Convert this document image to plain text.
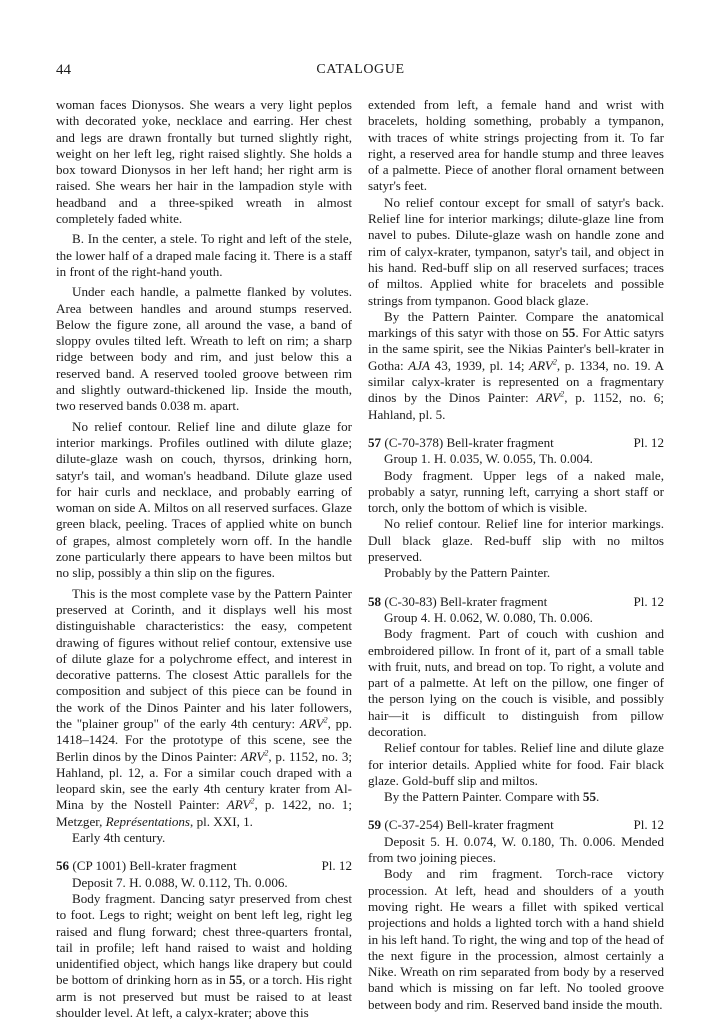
44	CATALOGUE

woman faces Dionysos. She wears a very light peplos with decorated yoke, necklace and earring. Her chest and legs are drawn frontally but turned slightly right, weight on her left leg, right raised slightly. She holds a box toward Dionysos in her left hand; her right arm is raised. She wears her hair in the lampadion style with headband and a three-spiked wreath in almost completely faded white.

B. In the center, a stele. To right and left of the stele, the lower half of a draped male facing it. There is a staff in front of the right-hand youth.

Under each handle, a palmette flanked by volutes. Area between handles and around stumps reserved. Below the figure zone, all around the vase, a band of sloppy ovules tilted left. Wreath to left on rim; a sharp ridge between body and rim, and just below this a reserved band. A reserved tooled groove between rim and slightly outward-thickened lip. Inside the mouth, two reserved bands 0.038 m. apart.

No relief contour. Relief line and dilute glaze for interior markings. Profiles outlined with dilute glaze; dilute-glaze wash on couch, thyrsos, drinking horn, satyr's tail, and woman's headband. Dilute glaze used for hair curls and necklace, and probably earring of woman on side A. Miltos on all reserved surfaces. Glaze green black, peeling. Traces of applied white on bunch of grapes, almost completely worn off. In the handle zone particularly there appears to have been miltos but no slip, possibly a thin slip on the figures.

This is the most complete vase by the Pattern Painter preserved at Corinth, and it displays well his most distinguishable characteristics: the easy, competent drawing of figures without relief contour, extensive use of dilute glaze for a polychrome effect, and interest in decorative patterns. The closest Attic parallels for the composition and subject of this piece can be found in the work of the Dinos Painter and his later followers, the "plainer group" of the early 4th century: ARV$^2$, pp. 1418–1424. For the prototype of this scene, see the Berlin dinos by the Dinos Painter: ARV$^2$, p. 1152, no. 3; Hahland, pl. 12, a. For a similar couch draped with a leopard skin, see the early 4th century krater from Al-Mina by the Nostell Painter: ARV$^2$, p. 1422, no. 1; Metzger, Représentations, pl. XXI, 1.

Early 4th century.

56 (CP 1001) Bell-krater fragment	Pl. 12

Deposit 7. H. 0.088, W. 0.112, Th. 0.006.

Body fragment. Dancing satyr preserved from chest to foot. Legs to right; weight on bent left leg, right leg raised and flung forward; chest three-quarters frontal, tail in profile; left hand raised to waist and holding unidentified object, which hangs like drapery but could be bottom of drinking horn as in 55, or a torch. His right arm is not preserved but must be raised to at least shoulder level. At left, a calyx-krater; above this

extended from left, a female hand and wrist with bracelets, holding something, probably a tympanon, with traces of white strings projecting from it. To far right, a reserved area for handle stump and three leaves of a palmette. Piece of another floral ornament between satyr's feet.

No relief contour except for small of satyr's back. Relief line for interior markings; dilute-glaze line from navel to pubes. Dilute-glaze wash on handle zone and rim of calyx-krater, tympanon, satyr's tail, and object in his hand. Red-buff slip on all reserved surfaces; traces of miltos. Applied white for bracelets and possible strings from tympanon. Good black glaze.

By the Pattern Painter. Compare the anatomical markings of this satyr with those on 55. For Attic satyrs in the same spirit, see the Nikias Painter's bell-krater in Gotha: AJA 43, 1939, pl. 14; ARV$^2$, p. 1334, no. 19. A similar calyx-krater is represented on a fragmentary dinos by the Dinos Painter: ARV$^2$, p. 1152, no. 6; Hahland, pl. 5.

57 (C-70-378) Bell-krater fragment	Pl. 12

Group 1. H. 0.035, W. 0.055, Th. 0.004.

Body fragment. Upper legs of a naked male, probably a satyr, running left, carrying a short staff or torch, only the bottom of which is visible.

No relief contour. Relief line for interior markings. Dull black glaze. Red-buff slip with no miltos preserved.

Probably by the Pattern Painter.

58 (C-30-83) Bell-krater fragment	Pl. 12

Group 4. H. 0.062, W. 0.080, Th. 0.006.

Body fragment. Part of couch with cushion and embroidered pillow. In front of it, part of a small table with fruit, nuts, and bread on top. To right, a volute and part of a palmette. At left on the pillow, one finger of the person lying on the couch is visible, and possibly hair—it is difficult to distinguish from pillow decoration.

Relief contour for tables. Relief line and dilute glaze for interior details. Applied white for food. Fair black glaze. Gold-buff slip and miltos.

By the Pattern Painter. Compare with 55.

59 (C-37-254) Bell-krater fragment	Pl. 12

Deposit 5. H. 0.074, W. 0.180, Th. 0.006. Mended from two joining pieces.

Body and rim fragment. Torch-race victory procession. At left, head and shoulders of a youth moving right. He wears a fillet with spiked vertical projections and holds a lighted torch with a hand shield in his left hand. To right, the wing and top of the head of the next figure in the procession, almost certainly a Nike. Wreath on rim separated from body by a reserved band which is missing on far left. No tooled groove between body and rim. Reserved band inside the mouth.
